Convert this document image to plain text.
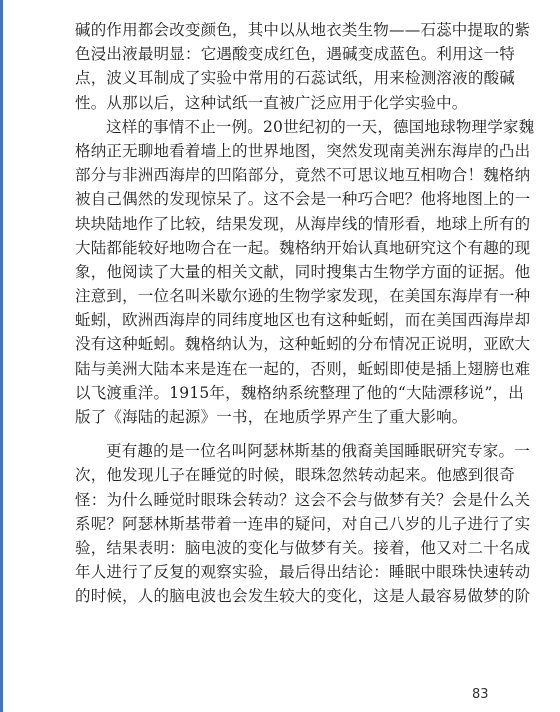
碱的作用都会改变颜色，其中以从地衣类生物——石蕊中提取的紫
色浸出液最明显：它遇酸变成红色，遇碱变成蓝色。利用这一特
点，波义耳制成了实验中常用的石蕊试纸，用来检测溶液的酸碱
性。从那以后，这种试纸一直被广泛应用于化学实验中。
这样的事情不止一例。20世纪初的一天，德国地球物理学家魏
格纳正无聊地看着墙上的世界地图，突然发现南美洲东海岸的凸出
部分与非洲西海岸的凹陷部分，竟然不可思议地互相吻合！魏格纳
被自己偶然的发现惊呆了。这不会是一种巧合吧？他将地图上的一
块块陆地作了比较，结果发现，从海岸线的情形看，地球上所有的
大陆都能较好地吻合在一起。魏格纳开始认真地研究这个有趣的现
象，他阅读了大量的相关文献，同时搜集古生物学方面的证据。他
注意到，一位名叫米歇尔逊的生物学家发现，在美国东海岸有一种
蚯蚓，欧洲西海岸的同纬度地区也有这种蚯蚓，而在美国西海岸却
没有这种蚯蚓。魏格纳认为，这种蚯蚓的分布情况正说明，亚欧大
陆与美洲大陆本来是连在一起的，否则，蚯蚓即使是插上翅膀也难
以飞渡重洋。1915年，魏格纳系统整理了他的“大陆漂移说”，出
版了《海陆的起源》一书，在地质学界产生了重大影响。
更有趣的是一位名叫阿瑟林斯基的俄裔美国睡眠研究专家。一
次，他发现儿子在睡觉的时候，眼珠忽然转动起来。他感到很奇
怪：为什么睡觉时眼珠会转动？这会不会与做梦有关？会是什么关
系呢？阿瑟林斯基带着一连串的疑问，对自己八岁的儿子进行了实
验，结果表明：脑电波的变化与做梦有关。接着，他又对二十名成
年人进行了反复的观察实验，最后得出结论：睡眠中眼珠快速转动
的时候，人的脑电波也会发生较大的变化，这是人最容易做梦的阶
83
